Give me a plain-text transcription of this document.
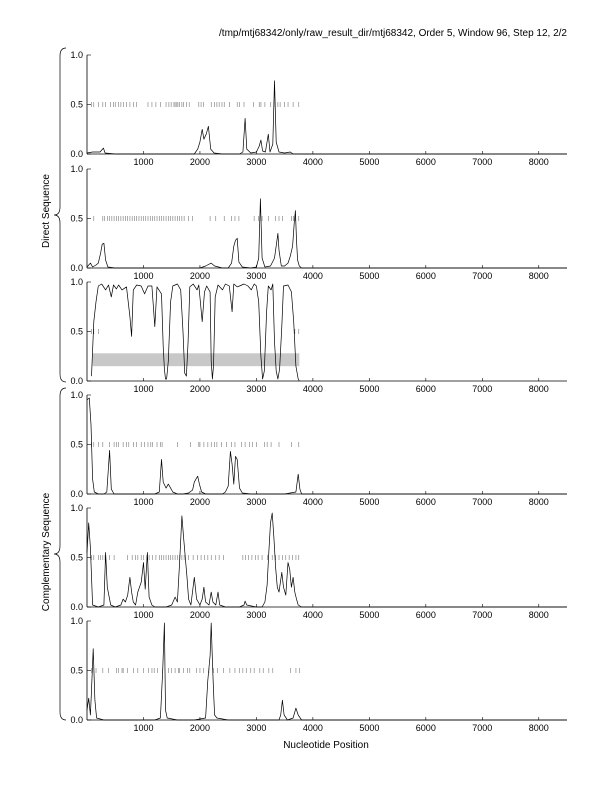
/tmp/mtj68342/only/raw_result_dir/mtj68342, Order 5, Window 96, Step 12, 2/2
Direct Sequence
Complementary Sequence
0.0
0.5
1.0
1000	2000	3000	4000	5000	6000	7000	8000
0.0
0.5
1.0
1000	2000	3000	4000	5000	6000	7000	8000
0.0
0.5
1.0
1000	2000	3000	4000	5000	6000	7000	8000
0.0
0.5
1.0
1000	2000	3000	4000	5000	6000	7000	8000
0.0
0.5
1.0
1000	2000	3000	4000	5000	6000	7000	8000
0.0
0.5
1.0
1000	2000	3000	4000	5000	6000	7000	8000
Nucleotide Position
